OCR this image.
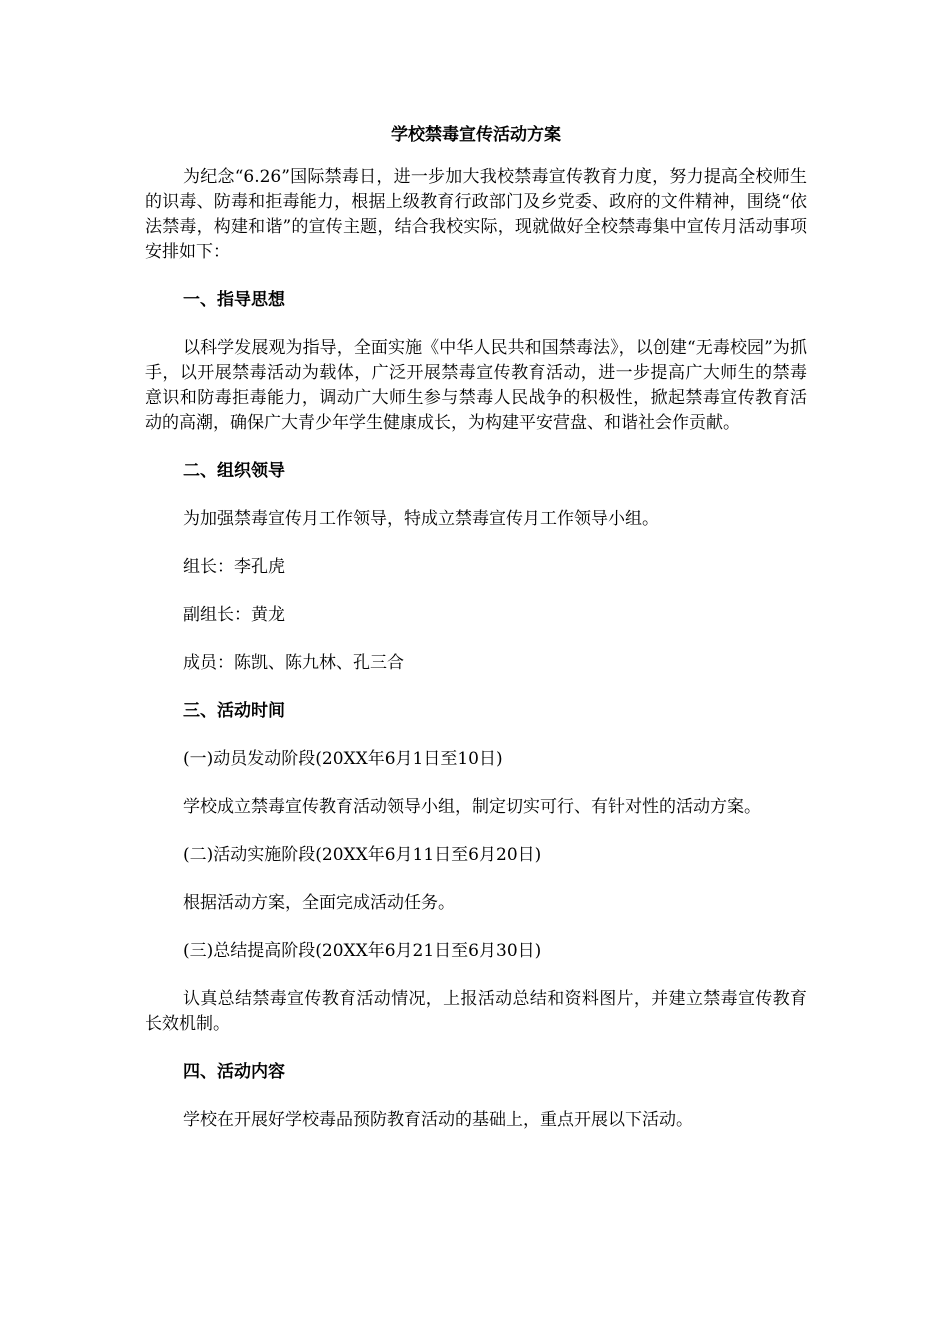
学校禁毒宣传活动方案

为纪念“6.26”国际禁毒日，进一步加大我校禁毒宣传教育力度，努力提高全校师生的识毒、防毒和拒毒能力，根据上级教育行政部门及乡党委、政府的文件精神，围绕“依法禁毒，构建和谐”的宣传主题，结合我校实际，现就做好全校禁毒集中宣传月活动事项安排如下：

一、指导思想

以科学发展观为指导，全面实施《中华人民共和国禁毒法》，以创建“无毒校园”为抓手，以开展禁毒活动为载体，广泛开展禁毒宣传教育活动，进一步提高广大师生的禁毒意识和防毒拒毒能力，调动广大师生参与禁毒人民战争的积极性，掀起禁毒宣传教育活动的高潮，确保广大青少年学生健康成长，为构建平安营盘、和谐社会作贡献。

二、组织领导

为加强禁毒宣传月工作领导，特成立禁毒宣传月工作领导小组。

组长：李孔虎

副组长：黄龙

成员：陈凯、陈九林、孔三合

三、活动时间

(一)动员发动阶段(20XX年6月1日至10日)

学校成立禁毒宣传教育活动领导小组，制定切实可行、有针对性的活动方案。

(二)活动实施阶段(20XX年6月11日至6月20日)

根据活动方案，全面完成活动任务。

(三)总结提高阶段(20XX年6月21日至6月30日)

认真总结禁毒宣传教育活动情况，上报活动总结和资料图片，并建立禁毒宣传教育长效机制。

四、活动内容

学校在开展好学校毒品预防教育活动的基础上，重点开展以下活动。
